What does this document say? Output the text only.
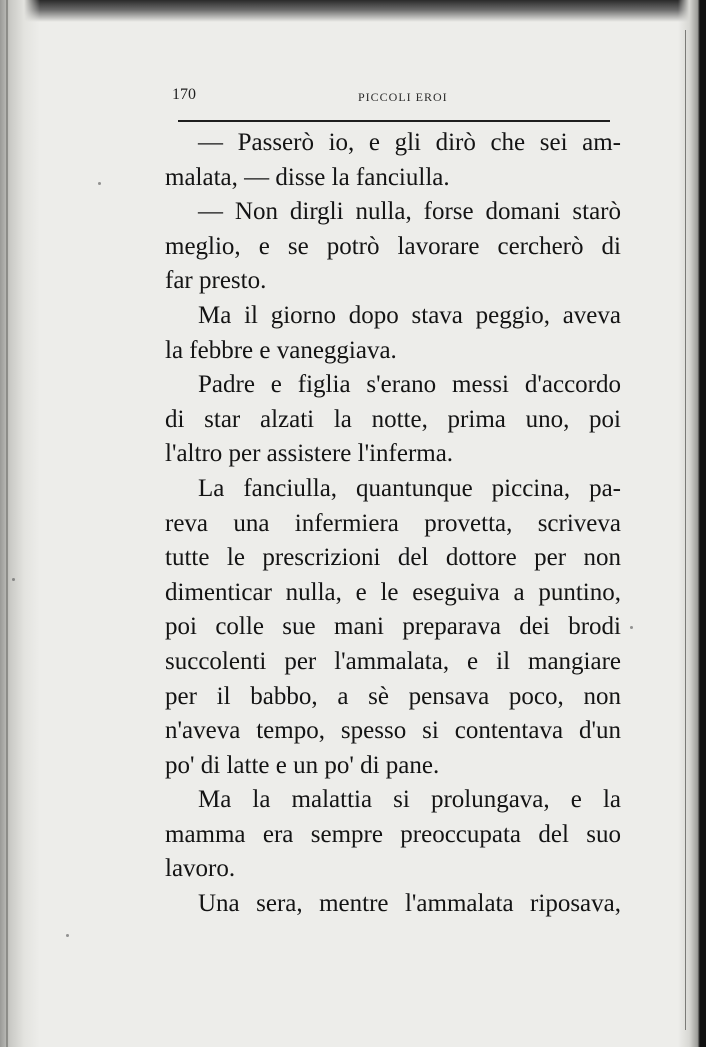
170	PICCOLI EROI
— Passerò io, e gli dirò che sei am-
malata, — disse la fanciulla.
— Non dirgli nulla, forse domani starò
meglio, e se potrò lavorare cercherò di
far presto.
Ma il giorno dopo stava peggio, aveva
la febbre e vaneggiava.
Padre e figlia s'erano messi d'accordo
di star alzati la notte, prima uno, poi
l'altro per assistere l'inferma.
La fanciulla, quantunque piccina, pa-
reva una infermiera provetta, scriveva
tutte le prescrizioni del dottore per non
dimenticar nulla, e le eseguiva a puntino,
poi colle sue mani preparava dei brodi
succolenti per l'ammalata, e il mangiare
per il babbo, a sè pensava poco, non
n'aveva tempo, spesso si contentava d'un
po' di latte e un po' di pane.
Ma la malattia si prolungava, e la
mamma era sempre preoccupata del suo
lavoro.
Una sera, mentre l'ammalata riposava,
